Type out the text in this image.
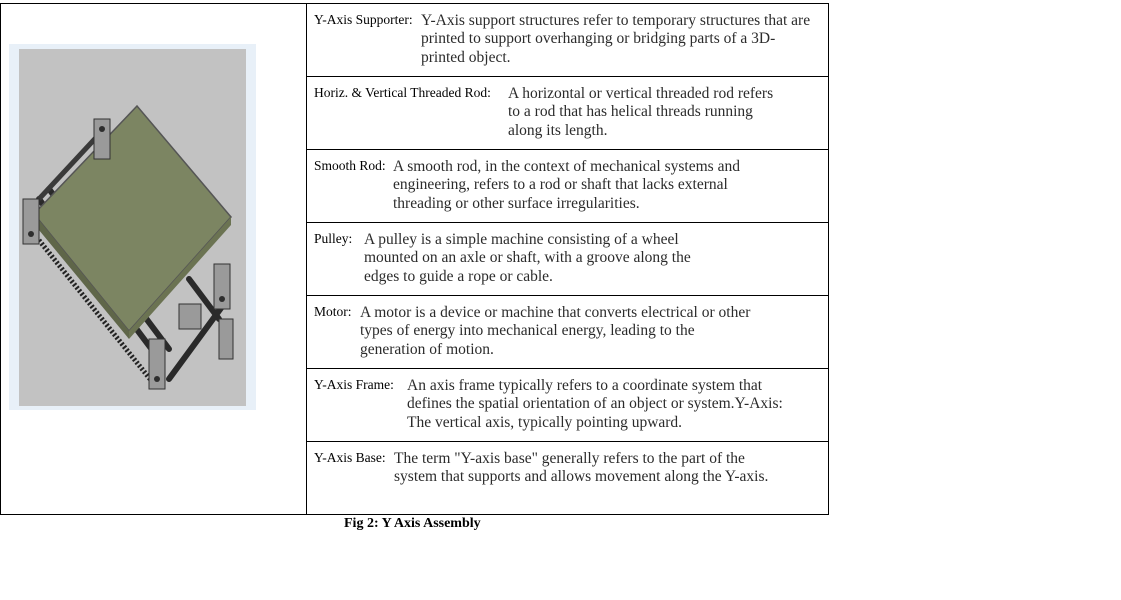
Y-Axis Supporter: Y-Axis support structures refer to temporary structures that are printed to support overhanging or bridging parts of a 3D-printed object.
Horiz. & Vertical Threaded Rod: A horizontal or vertical threaded rod refers to a rod that has helical threads running along its length.
Smooth Rod: A smooth rod, in the context of mechanical systems and engineering, refers to a rod or shaft that lacks external threading or other surface irregularities.
Pulley: A pulley is a simple machine consisting of a wheel mounted on an axle or shaft, with a groove along the edges to guide a rope or cable.
Motor: A motor is a device or machine that converts electrical or other types of energy into mechanical energy, leading to the generation of motion.
Y-Axis Frame: An axis frame typically refers to a coordinate system that defines the spatial orientation of an object or system.Y-Axis: The vertical axis, typically pointing upward.
Y-Axis Base: The term "Y-axis base" generally refers to the part of the system that supports and allows movement along the Y-axis.
Fig 2: Y Axis Assembly
